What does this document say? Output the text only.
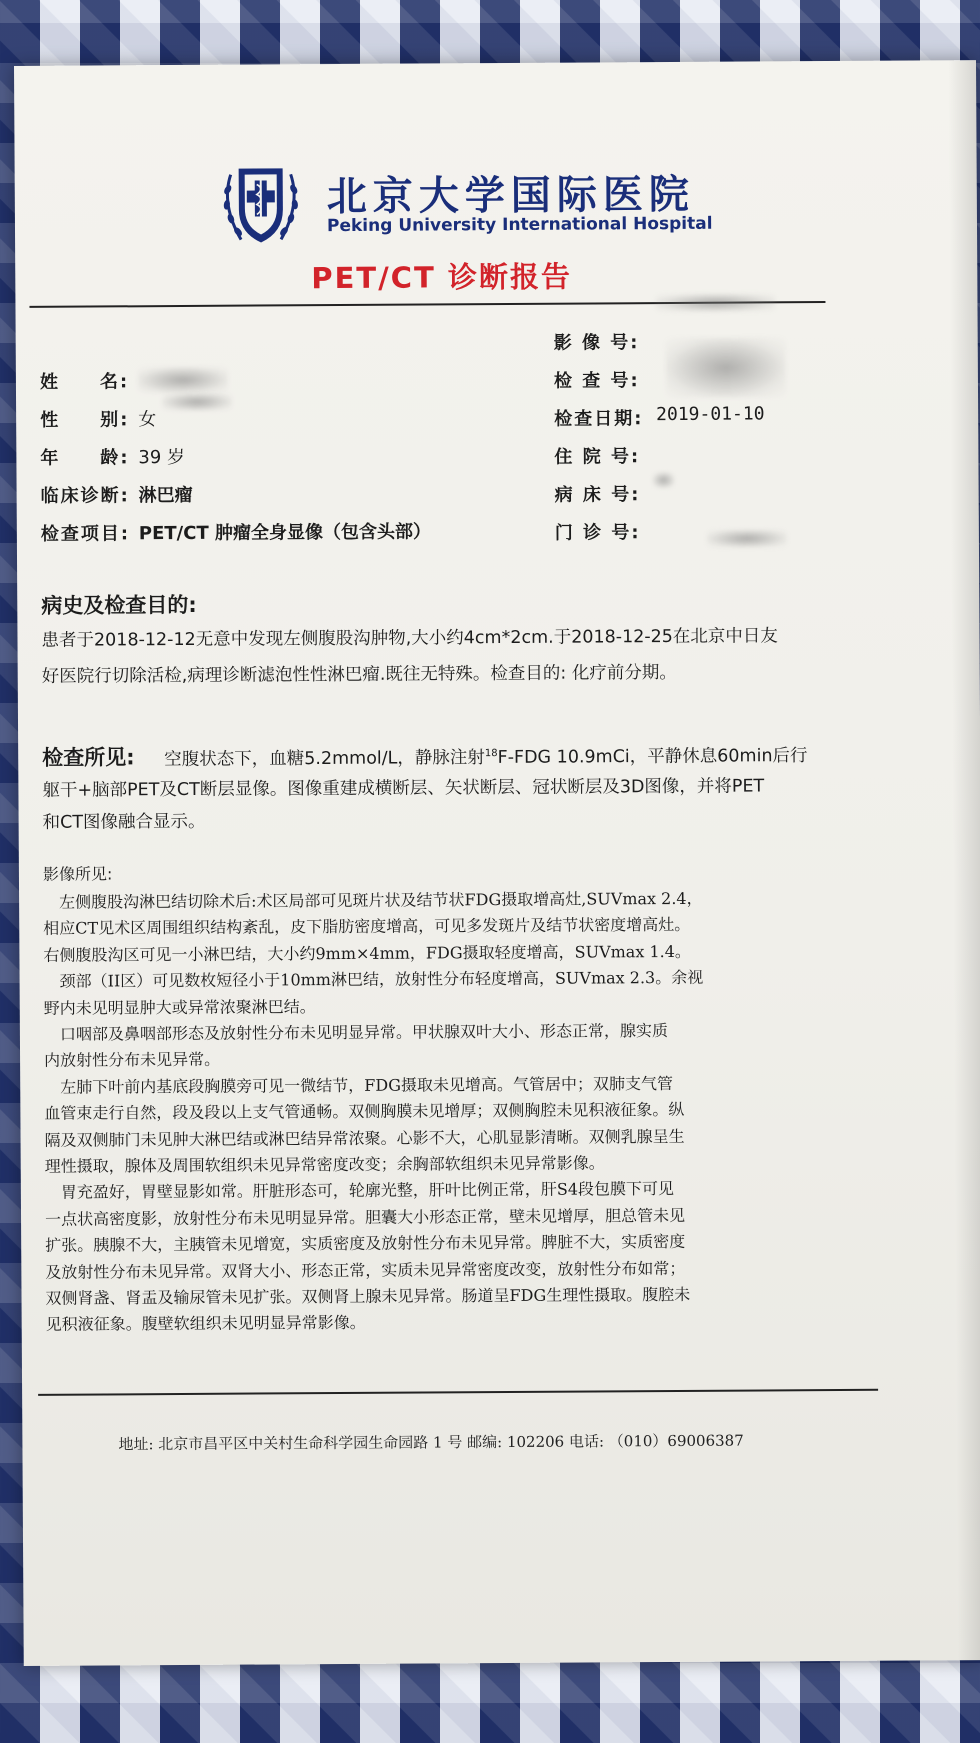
北京大学国际医院
Peking University International Hospital
PET/CT 诊断报告
姓　　名:
性　　别: 女
年　　龄: 39 岁
临床诊断: 淋巴瘤
检查项目: PET/CT 肿瘤全身显像（包含头部）
影 像 号:
检 查 号:
检查日期: 2019-01-10
住 院 号:
病 床 号:
门 诊 号:
病史及检查目的:
患者于2018-12-12无意中发现左侧腹股沟肿物,大小约4cm*2cm.于2018-12-25在北京中日友
好医院行切除活检,病理诊断滤泡性性淋巴瘤.既往无特殊。检查目的: 化疗前分期。
检查所见: 空腹状态下，血糖5.2mmol/L，静脉注射$^{18}$F-FDG 10.9mCi，平静休息60min后行
躯干+脑部PET及CT断层显像。图像重建成横断层、矢状断层、冠状断层及3D图像，并将PET
和CT图像融合显示。
影像所见:
　左侧腹股沟淋巴结切除术后:术区局部可见斑片状及结节状FDG摄取增高灶,SUVmax 2.4，
相应CT见术区周围组织结构紊乱，皮下脂肪密度增高，可见多发斑片及结节状密度增高灶。
右侧腹股沟区可见一小淋巴结，大小约9mm×4mm，FDG摄取轻度增高，SUVmax 1.4。
　颈部（II区）可见数枚短径小于10mm淋巴结，放射性分布轻度增高，SUVmax 2.3。余视
野内未见明显肿大或异常浓聚淋巴结。
　口咽部及鼻咽部形态及放射性分布未见明显异常。甲状腺双叶大小、形态正常，腺实质
内放射性分布未见异常。
　左肺下叶前内基底段胸膜旁可见一微结节，FDG摄取未见增高。气管居中；双肺支气管
血管束走行自然，段及段以上支气管通畅。双侧胸膜未见增厚；双侧胸腔未见积液征象。纵
隔及双侧肺门未见肿大淋巴结或淋巴结异常浓聚。心影不大，心肌显影清晰。双侧乳腺呈生
理性摄取，腺体及周围软组织未见异常密度改变；余胸部软组织未见异常影像。
　胃充盈好，胃壁显影如常。肝脏形态可，轮廓光整，肝叶比例正常，肝S4段包膜下可见
一点状高密度影，放射性分布未见明显异常。胆囊大小形态正常，壁未见增厚，胆总管未见
扩张。胰腺不大，主胰管未见增宽，实质密度及放射性分布未见异常。脾脏不大，实质密度
及放射性分布未见异常。双肾大小、形态正常，实质未见异常密度改变，放射性分布如常；
双侧肾盏、肾盂及输尿管未见扩张。双侧肾上腺未见异常。肠道呈FDG生理性摄取。腹腔未
见积液征象。腹壁软组织未见明显异常影像。
地址: 北京市昌平区中关村生命科学园生命园路 1 号 邮编: 102206 电话: （010）69006387
